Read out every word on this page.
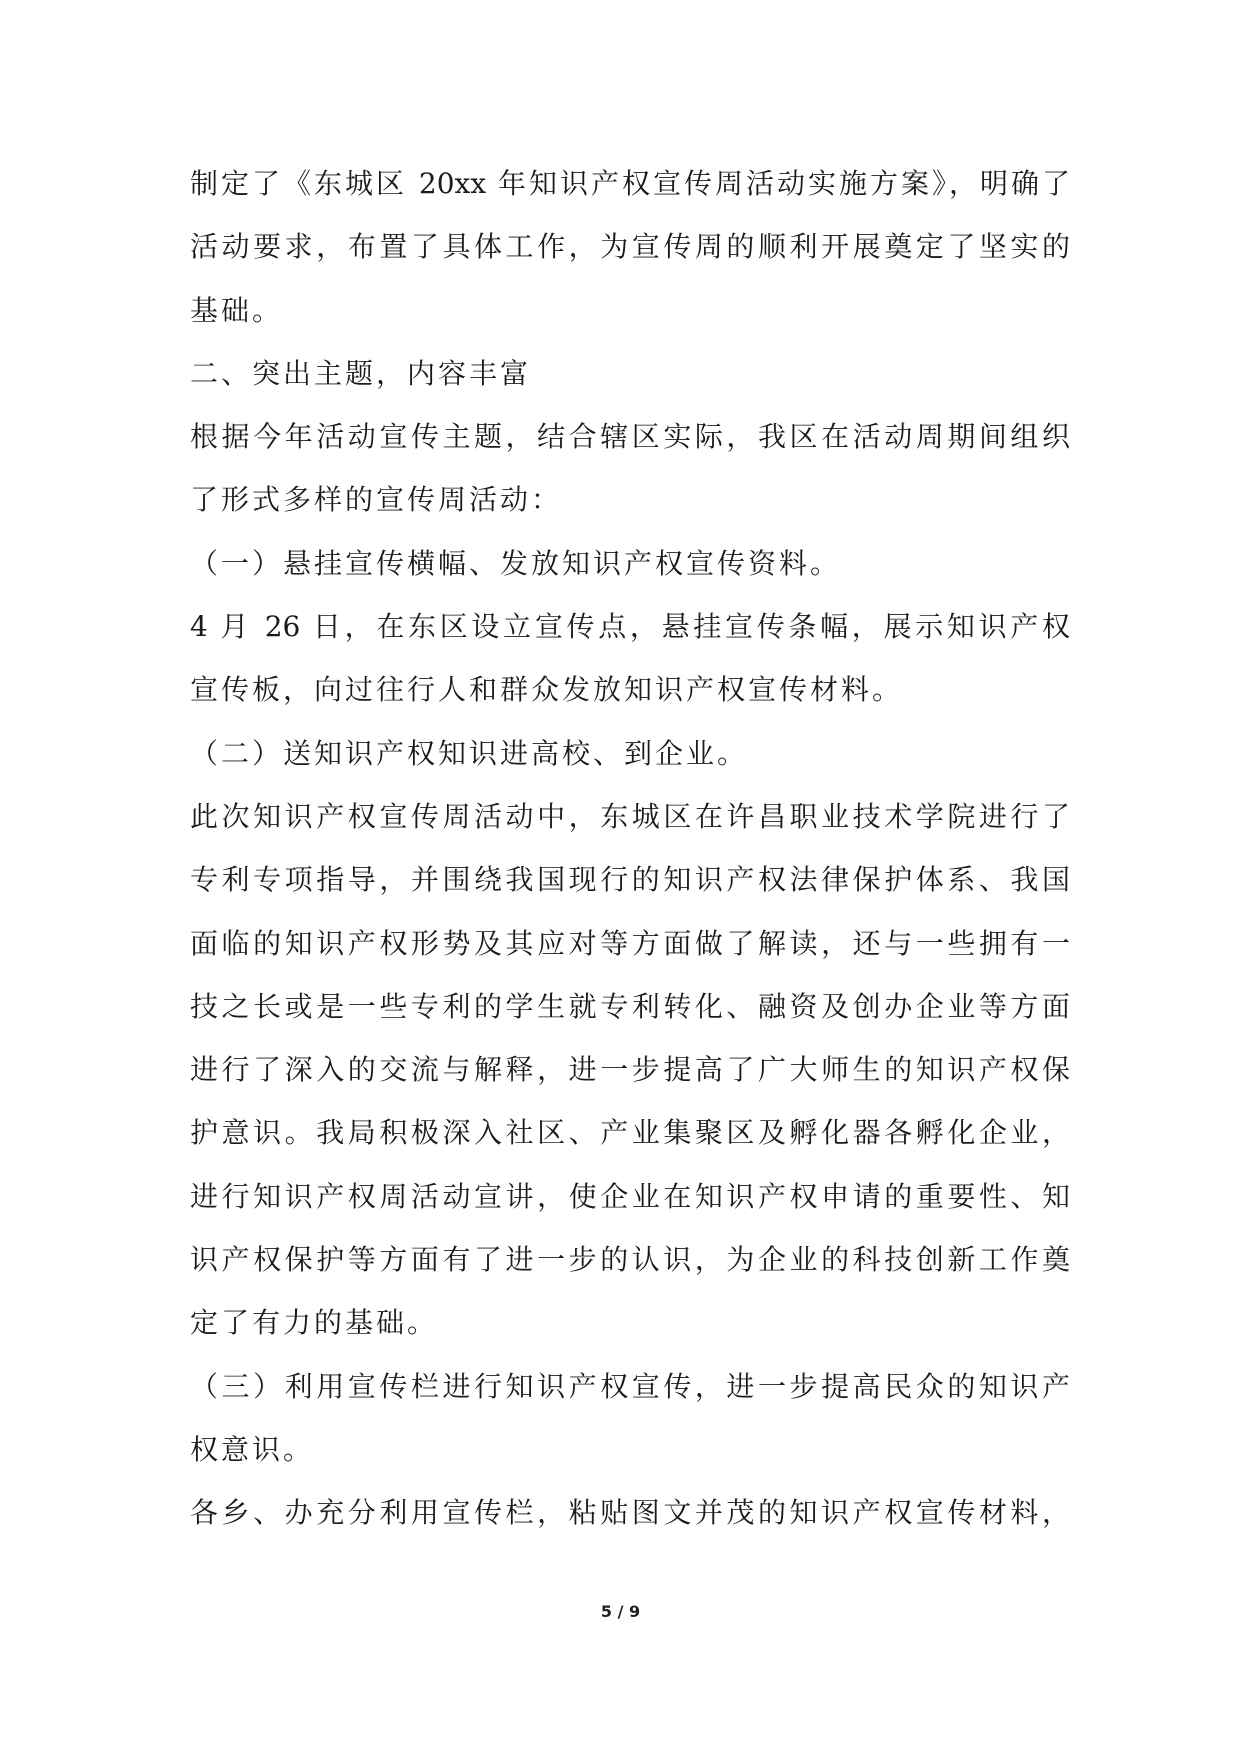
制定了《东城区 20xx 年知识产权宣传周活动实施方案》，明确了
活动要求，布置了具体工作，为宣传周的顺利开展奠定了坚实的
基础。
二、突出主题，内容丰富
根据今年活动宣传主题，结合辖区实际，我区在活动周期间组织
了形式多样的宣传周活动：
（一）悬挂宣传横幅、发放知识产权宣传资料。
4 月 26 日，在东区设立宣传点，悬挂宣传条幅，展示知识产权
宣传板，向过往行人和群众发放知识产权宣传材料。
（二）送知识产权知识进高校、到企业。
此次知识产权宣传周活动中，东城区在许昌职业技术学院进行了
专利专项指导，并围绕我国现行的知识产权法律保护体系、我国
面临的知识产权形势及其应对等方面做了解读，还与一些拥有一
技之长或是一些专利的学生就专利转化、融资及创办企业等方面
进行了深入的交流与解释，进一步提高了广大师生的知识产权保
护意识。我局积极深入社区、产业集聚区及孵化器各孵化企业，
进行知识产权周活动宣讲，使企业在知识产权申请的重要性、知
识产权保护等方面有了进一步的认识，为企业的科技创新工作奠
定了有力的基础。
（三）利用宣传栏进行知识产权宣传，进一步提高民众的知识产
权意识。
各乡、办充分利用宣传栏，粘贴图文并茂的知识产权宣传材料，
5 / 9
